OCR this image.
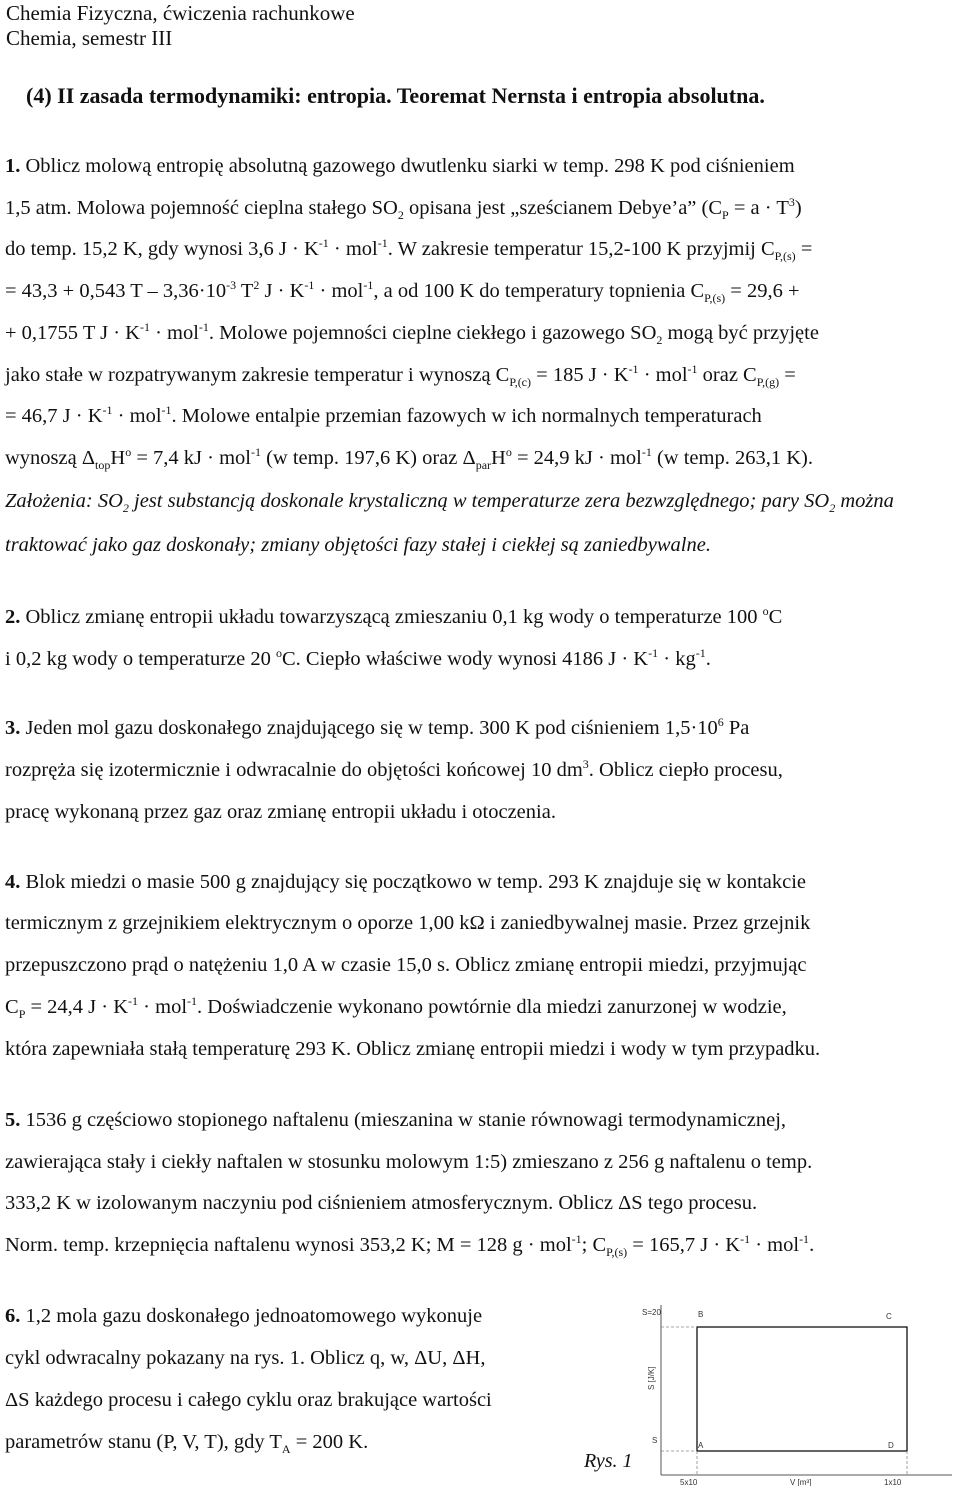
Chemia Fizyczna, ćwiczenia rachunkowe
Chemia, semestr III
(4) II zasada termodynamiki: entropia. Teoremat Nernsta i entropia absolutna.
1. Oblicz molową entropię absolutną gazowego dwutlenku siarki w temp. 298 K pod ciśnieniem
1,5 atm. Molowa pojemność cieplna stałego $SO_2$ opisana jest „sześcianem Debye’a” $(C_P = a \cdot T^3)$
do temp. 15,2 K, gdy wynosi 3,6 $J \cdot K^{-1} \cdot mol^{-1}$. W zakresie temperatur 15,2-100 K przyjmij $C_{P,(s)}$ =
= 43,3 + 0,543 $T - 3,36\cdot 10^{-3}$ $T^2$ $J \cdot K^{-1} \cdot mol^{-1}$, a od 100 K do temperatury topnienia $C_{P,(s)} = 29,6$ +
+ 0,1755 T $J \cdot K^{-1} \cdot mol^{-1}$. Molowe pojemności cieplne ciekłego i gazowego $SO_2$ mogą być przyjęte
jako stałe w rozpatrywanym zakresie temperatur i wynoszą $C_{P,(c)} = 185$ $J \cdot K^{-1} \cdot mol^{-1}$ oraz $C_{P,(g)}$ =
= 46,7 $J \cdot K^{-1} \cdot mol^{-1}$. Molowe entalpie przemian fazowych w ich normalnych temperaturach
wynoszą $\Delta_{top}H^o = 7,4$ kJ · mol$^{-1}$ (w temp. 197,6 K) oraz $\Delta_{par}H^o = 24,9$ kJ · mol$^{-1}$ (w temp. 263,1 K).
Założenia: $SO_2$ jest substancją doskonale krystaliczną w temperaturze zera bezwzględnego; pary $SO_2$ można
traktować jako gaz doskonały; zmiany objętości fazy stałej i ciekłej są zaniedbywalne.
2. Oblicz zmianę entropii układu towarzyszącą zmieszaniu 0,1 kg wody o temperaturze 100 $^o$C
i 0,2 kg wody o temperaturze 20 $^o$C. Ciepło właściwe wody wynosi 4186 $J \cdot K^{-1} \cdot kg^{-1}$.
3. Jeden mol gazu doskonałego znajdującego się w temp. 300 K pod ciśnieniem $1,5\cdot 10^6$ Pa
rozpręża się izotermicznie i odwracalnie do objętości końcowej 10 $dm^3$. Oblicz ciepło procesu,
pracę wykonaną przez gaz oraz zmianę entropii układu i otoczenia.
4. Blok miedzi o masie 500 g znajdujący się początkowo w temp. 293 K znajduje się w kontakcie
termicznym z grzejnikiem elektrycznym o oporze 1,00 kΩ i zaniedbywalnej masie. Przez grzejnik
przepuszczono prąd o natężeniu 1,0 A w czasie 15,0 s. Oblicz zmianę entropii miedzi, przyjmując
$C_P = 24,4$ $J \cdot K^{-1} \cdot mol^{-1}$. Doświadczenie wykonano powtórnie dla miedzi zanurzonej w wodzie,
która zapewniała stałą temperaturę 293 K. Oblicz zmianę entropii miedzi i wody w tym przypadku.
5. 1536 g częściowo stopionego naftalenu (mieszanina w stanie równowagi termodynamicznej,
zawierająca stały i ciekły naftalen w stosunku molowym 1:5) zmieszano z 256 g naftalenu o temp.
333,2 K w izolowanym naczyniu pod ciśnieniem atmosferycznym. Oblicz ΔS tego procesu.
Norm. temp. krzepnięcia naftalenu wynosi 353,2 K; M = 128 g · mol$^{-1}$; $C_{P,(s)} = 165,7$ $J \cdot K^{-1} \cdot mol^{-1}$.
6. 1,2 mola gazu doskonałego jednoatomowego wykonuje
cykl odwracalny pokazany na rys. 1. Oblicz q, w, ΔU, ΔH,
ΔS każdego procesu i całego cyklu oraz brakujące wartości
parametrów stanu (P, V, T), gdy $T_A = 200$ K.
S=20
S [J/K]
S
5x10	V [m³]	1x10
B	C
A	D
Rys. 1
